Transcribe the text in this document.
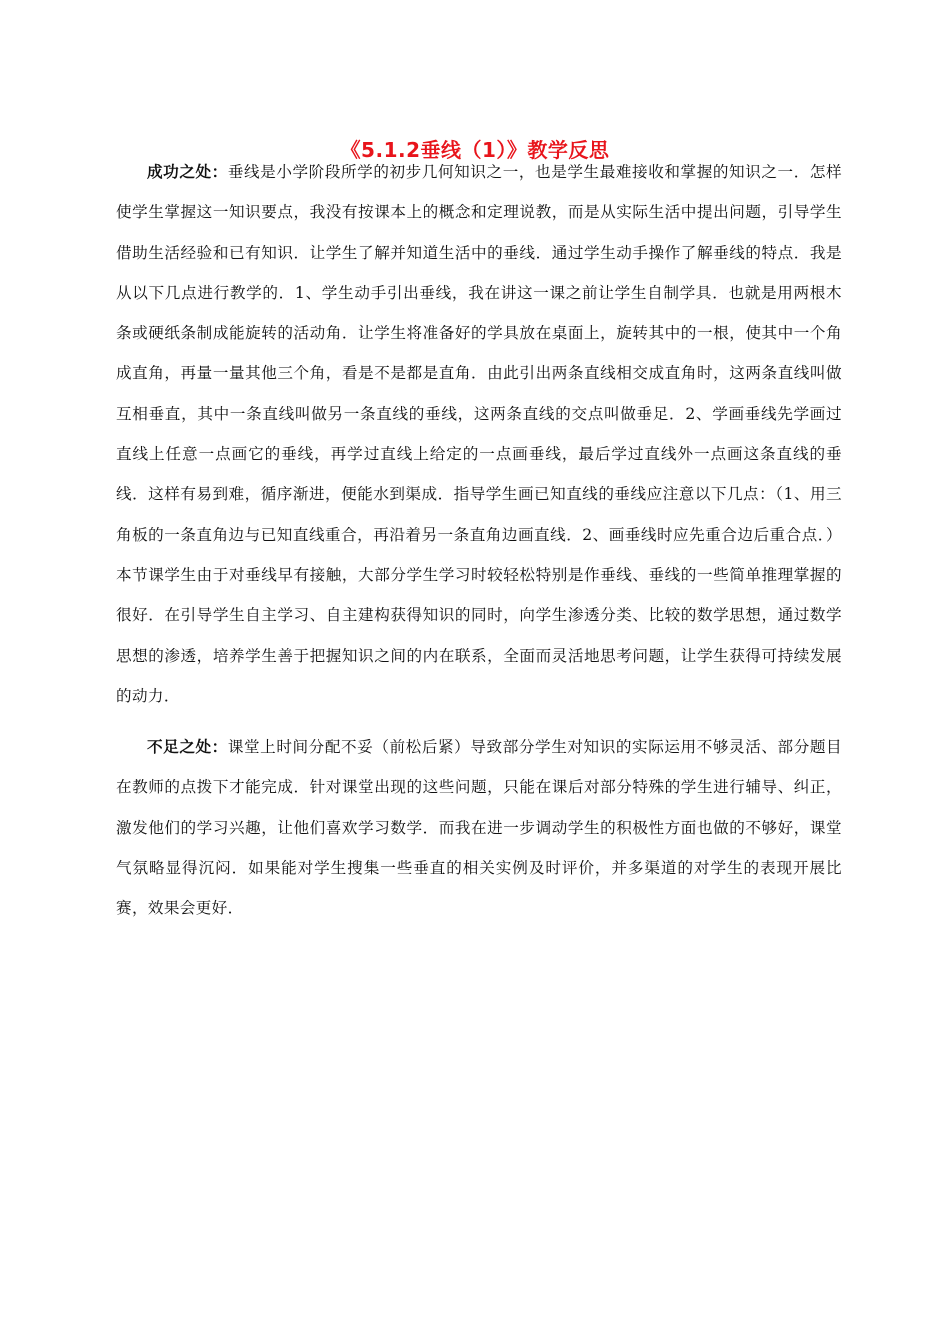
《5.1.2垂线（1）》教学反思

成功之处：垂线是小学阶段所学的初步几何知识之一，也是学生最难接收和掌握的知识之一．怎样使学生掌握这一知识要点，我没有按课本上的概念和定理说教，而是从实际生活中提出问题，引导学生借助生活经验和已有知识．让学生了解并知道生活中的垂线．通过学生动手操作了解垂线的特点．我是从以下几点进行教学的．1、学生动手引出垂线，我在讲这一课之前让学生自制学具．也就是用两根木条或硬纸条制成能旋转的活动角．让学生将准备好的学具放在桌面上，旋转其中的一根，使其中一个角成直角，再量一量其他三个角，看是不是都是直角．由此引出两条直线相交成直角时，这两条直线叫做互相垂直，其中一条直线叫做另一条直线的垂线，这两条直线的交点叫做垂足．2、学画垂线先学画过直线上任意一点画它的垂线，再学过直线上给定的一点画垂线，最后学过直线外一点画这条直线的垂线．这样有易到难，循序渐进，便能水到渠成．指导学生画已知直线的垂线应注意以下几点：（1、用三角板的一条直角边与已知直线重合，再沿着另一条直角边画直线．2、画垂线时应先重合边后重合点．）本节课学生由于对垂线早有接触，大部分学生学习时较轻松特别是作垂线、垂线的一些简单推理掌握的很好．在引导学生自主学习、自主建构获得知识的同时，向学生渗透分类、比较的数学思想，通过数学思想的渗透，培养学生善于把握知识之间的内在联系，全面而灵活地思考问题，让学生获得可持续发展的动力．

不足之处：课堂上时间分配不妥（前松后紧）导致部分学生对知识的实际运用不够灵活、部分题目在教师的点拨下才能完成．针对课堂出现的这些问题，只能在课后对部分特殊的学生进行辅导、纠正，激发他们的学习兴趣，让他们喜欢学习数学．而我在进一步调动学生的积极性方面也做的不够好，课堂气氛略显得沉闷．如果能对学生搜集一些垂直的相关实例及时评价，并多渠道的对学生的表现开展比赛，效果会更好．
